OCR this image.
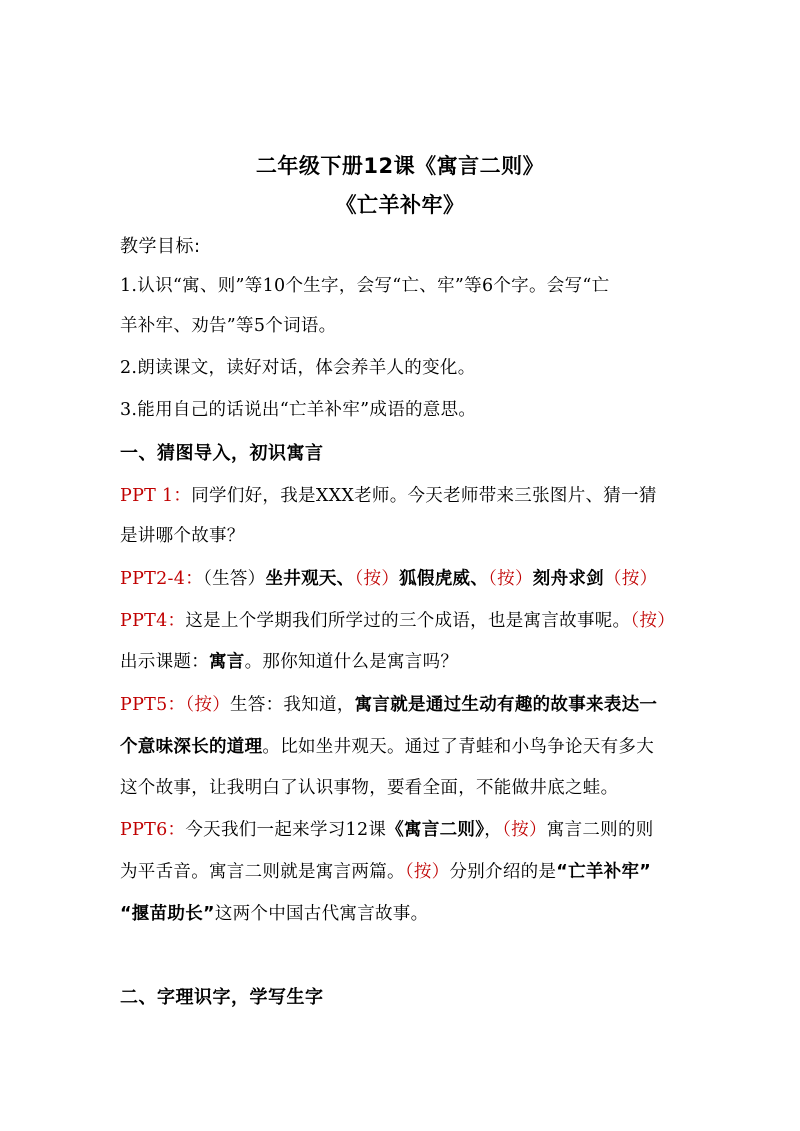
二年级下册12课《寓言二则》
《亡羊补牢》
教学目标:
1.认识“寓、则”等10个生字，会写“亡、牢”等6个字。会写“亡
羊补牢、劝告”等5个词语。
2.朗读课文，读好对话，体会养羊人的变化。
3.能用自己的话说出“亡羊补牢”成语的意思。
一、猜图导入，初识寓言
PPT 1：同学们好，我是XXX老师。今天老师带来三张图片、猜一猜
是讲哪个故事？
PPT2-4：（生答）坐井观天、（按）狐假虎威、（按）刻舟求剑（按）
PPT4：这是上个学期我们所学过的三个成语，也是寓言故事呢。（按）
出示课题：寓言。那你知道什么是寓言吗？
PPT5：（按）生答：我知道，寓言就是通过生动有趣的故事来表达一
个意味深长的道理。比如坐井观天。通过了青蛙和小鸟争论天有多大
这个故事，让我明白了认识事物，要看全面，不能做井底之蛙。
PPT6：今天我们一起来学习12课《寓言二则》，（按）寓言二则的则
为平舌音。寓言二则就是寓言两篇。（按）分别介绍的是“亡羊补牢”
“揠苗助长”这两个中国古代寓言故事。
二、字理识字，学写生字
